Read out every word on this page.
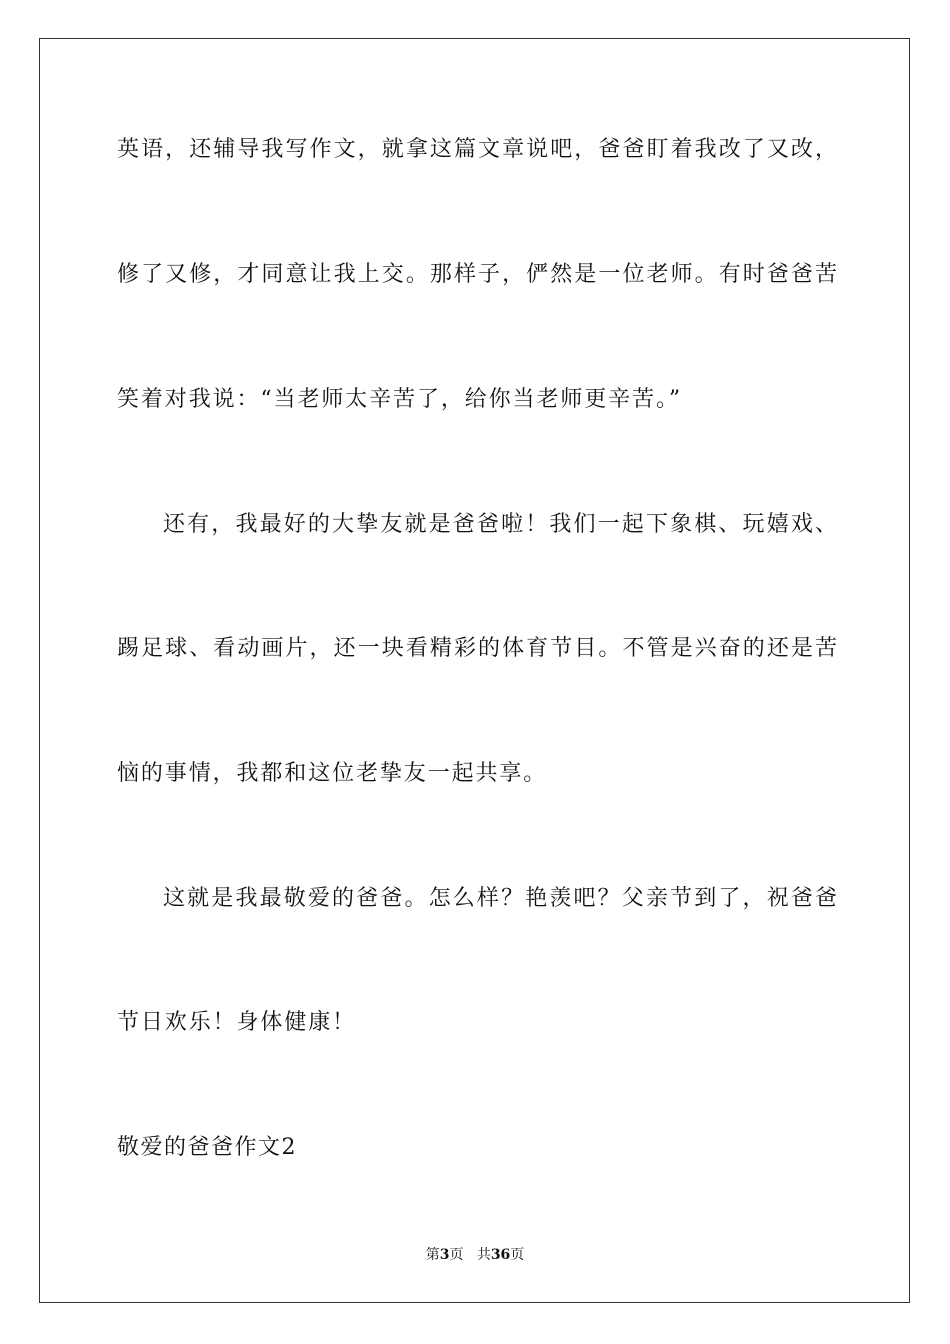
英语，还辅导我写作文，就拿这篇文章说吧，爸爸盯着我改了又改，
修了又修，才同意让我上交。那样子，俨然是一位老师。有时爸爸苦
笑着对我说：“当老师太辛苦了，给你当老师更辛苦。”
还有，我最好的大挚友就是爸爸啦！我们一起下象棋、玩嬉戏、
踢足球、看动画片，还一块看精彩的体育节目。不管是兴奋的还是苦
恼的事情，我都和这位老挚友一起共享。
这就是我最敬爱的爸爸。怎么样？艳羡吧？父亲节到了，祝爸爸
节日欢乐！身体健康！
敬爱的爸爸作文2
第3页 共36页
